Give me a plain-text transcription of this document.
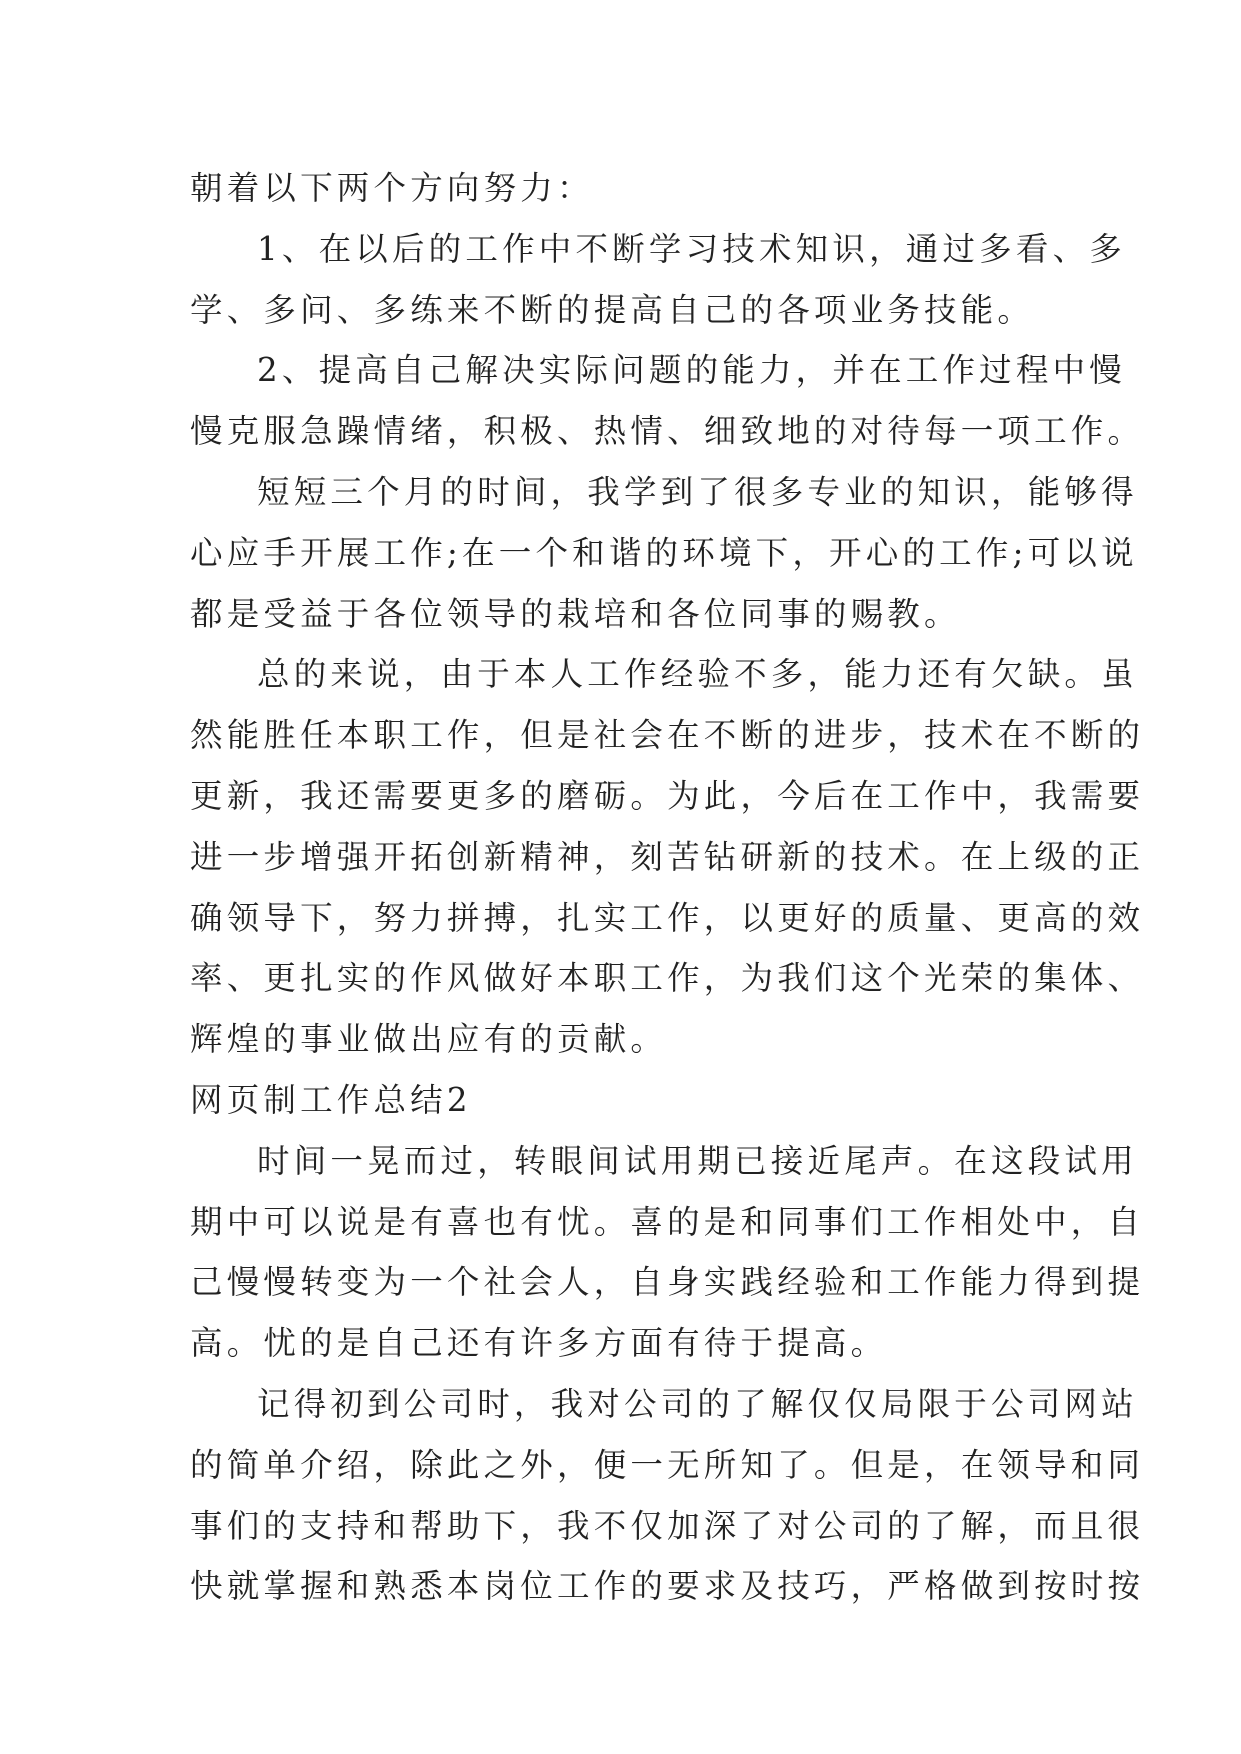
朝着以下两个方向努力：
1、在以后的工作中不断学习技术知识，通过多看、多
学、多问、多练来不断的提高自己的各项业务技能。
2、提高自己解决实际问题的能力，并在工作过程中慢
慢克服急躁情绪，积极、热情、细致地的对待每一项工作。
短短三个月的时间，我学到了很多专业的知识，能够得
心应手开展工作;在一个和谐的环境下，开心的工作;可以说
都是受益于各位领导的栽培和各位同事的赐教。
总的来说，由于本人工作经验不多，能力还有欠缺。虽
然能胜任本职工作，但是社会在不断的进步，技术在不断的
更新，我还需要更多的磨砺。为此，今后在工作中，我需要
进一步增强开拓创新精神，刻苦钻研新的技术。在上级的正
确领导下，努力拼搏，扎实工作，以更好的质量、更高的效
率、更扎实的作风做好本职工作，为我们这个光荣的集体、
辉煌的事业做出应有的贡献。
网页制工作总结2
时间一晃而过，转眼间试用期已接近尾声。在这段试用
期中可以说是有喜也有忧。喜的是和同事们工作相处中，自
己慢慢转变为一个社会人，自身实践经验和工作能力得到提
高。忧的是自己还有许多方面有待于提高。
记得初到公司时，我对公司的了解仅仅局限于公司网站
的简单介绍，除此之外，便一无所知了。但是，在领导和同
事们的支持和帮助下，我不仅加深了对公司的了解，而且很
快就掌握和熟悉本岗位工作的要求及技巧，严格做到按时按
